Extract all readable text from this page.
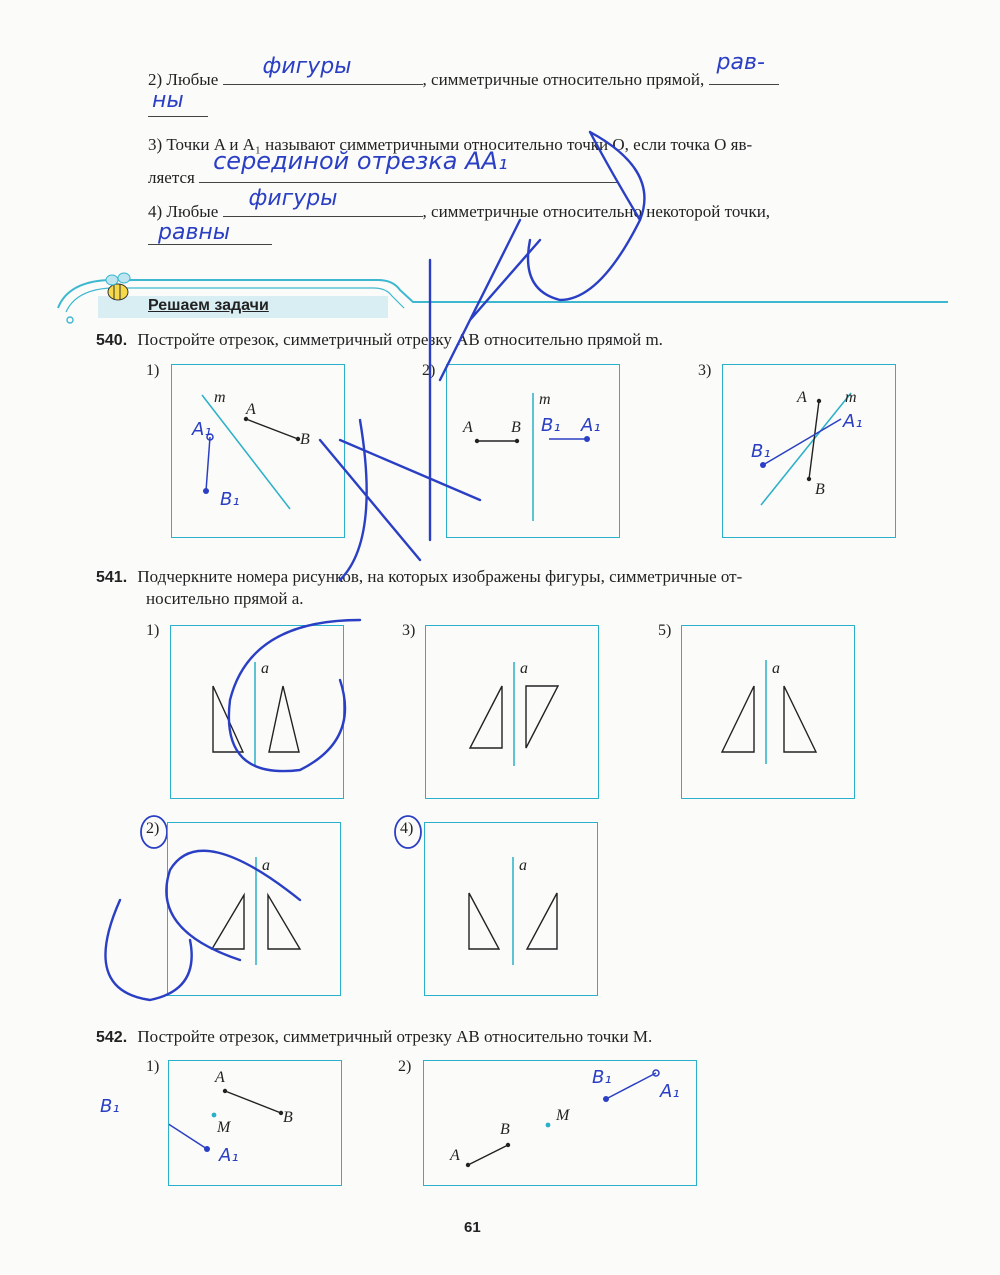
2) Любые
фигуры
, симметричные относительно прямой,
рав-
ны
3) Точки A и A₁ называют симметричными относительно точки O, если точка O яв-
ляется
серединой отрезка AA₁
4) Любые
фигуры
, симметричные относительно некоторой точки,
равны
Решаем задачи
540. Постройте отрезок, симметричный отрезку AB относительно прямой m.
1)
m
A
B
A₁
B₁
2)
m
A B B₁ A₁
3)
A m
B
A₁
B₁
541. Подчеркните номера рисунков, на которых изображены фигуры, симметричные от-
носительно прямой a.
1)
a
3)
a
5)
a
2)
a
4)
a
542. Постройте отрезок, симметричный отрезку AB относительно точки M.
1)
A
B
M
A₁
B₁
2)
A
B
M
B₁
A₁
61
